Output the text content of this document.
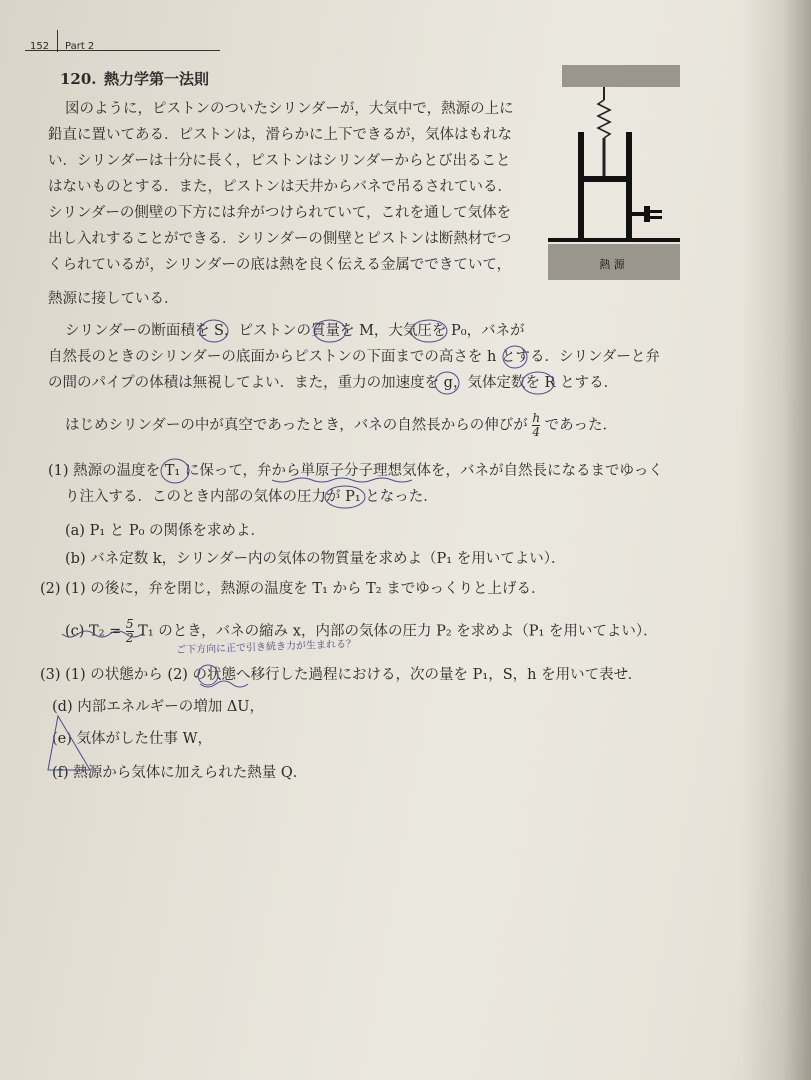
152 Part 2
120. 熱力学第一法則
図のように，ピストンのついたシリンダーが，大気中で，熱源の上に
鉛直に置いてある．ピストンは，滑らかに上下できるが，気体はもれな
い．シリンダーは十分に長く，ピストンはシリンダーからとび出ること
はないものとする．また，ピストンは天井からバネで吊るされている．
シリンダーの側壁の下方には弁がつけられていて，これを通して気体を
出し入れすることができる．シリンダーの側壁とピストンは断熱材でつ
くられているが，シリンダーの底は熱を良く伝える金属でできていて，
熱源に接している．
熱 源
シリンダーの断面積を S，ピストンの質量を M，大気圧を P₀，バネが
自然長のときのシリンダーの底面からピストンの下面までの高さを h とする．シリンダーと弁
の間のパイプの体積は無視してよい．また，重力の加速度を g，気体定数を R とする．
はじめシリンダーの中が真空であったとき，バネの自然長からの伸びが $\frac{h}{4}$ であった．
(1) 熱源の温度を T₁ に保って，弁から単原子分子理想気体を，バネが自然長になるまでゆっく
り注入する．このとき内部の気体の圧力が P₁ となった．
(a) P₁ と P₀ の関係を求めよ．
(b) バネ定数 k，シリンダー内の気体の物質量を求めよ（P₁ を用いてよい）．
(2) (1) の後に，弁を閉じ，熱源の温度を T₁ から T₂ までゆっくりと上げる．
(c) $T_2 = \frac{5}{2} T_1$ のとき，バネの縮み x，内部の気体の圧力 P₂ を求めよ（P₁ を用いてよい）．
ご下方向に正で引き続き力が生まれる？
(3) (1) の状態から (2) の状態へ移行した過程における，次の量を P₁，S，h を用いて表せ．
(d) 内部エネルギーの増加 ΔU，
(e) 気体がした仕事 W，
(f) 熱源から気体に加えられた熱量 Q．
